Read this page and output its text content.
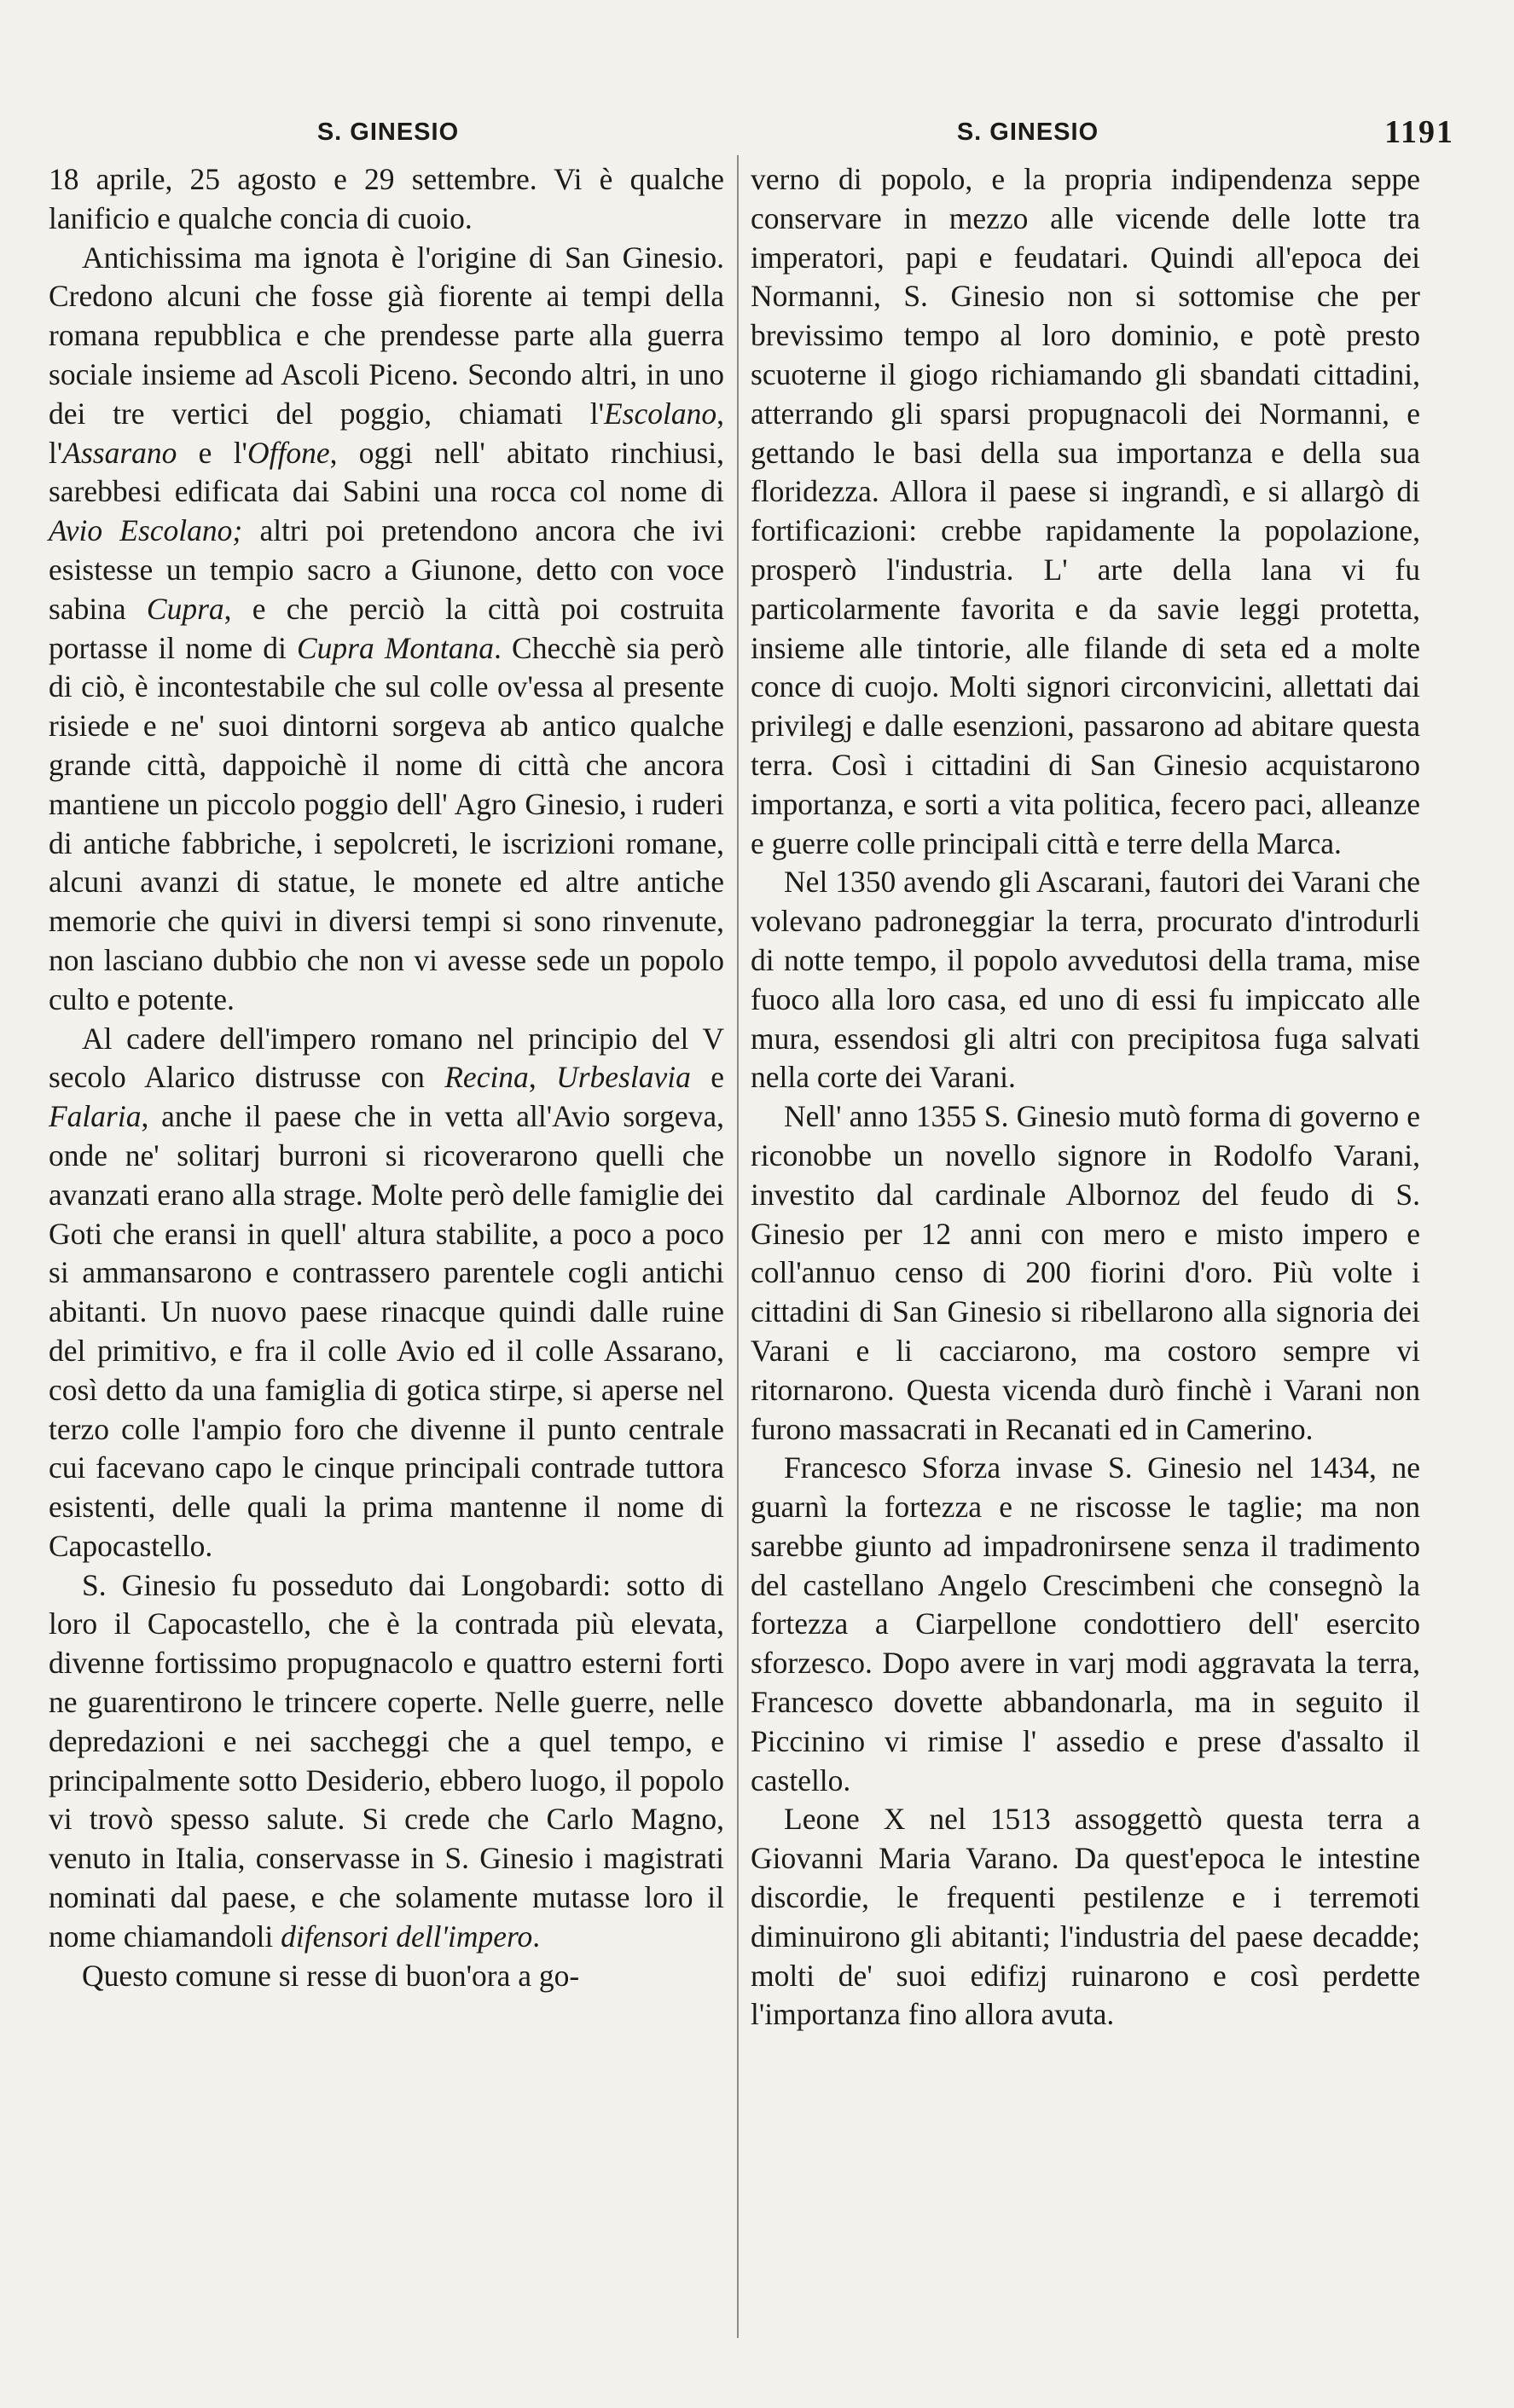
S. GINESIO	S. GINESIO	1191

18 aprile, 25 agosto e 29 settembre. Vi è qualche lanificio e qualche concia di cuoio.

Antichissima ma ignota è l'origine di San Ginesio. Credono alcuni che fosse già fiorente ai tempi della romana repubblica e che prendesse parte alla guerra sociale insieme ad Ascoli Piceno. Secondo altri, in uno dei tre vertici del poggio, chiamati l'Escolano, l'Assarano e l'Offone, oggi nell' abitato rinchiusi, sarebbesi edificata dai Sabini una rocca col nome di Avio Escolano; altri poi pretendono ancora che ivi esistesse un tempio sacro a Giunone, detto con voce sabina Cupra, e che perciò la città poi costruita portasse il nome di Cupra Montana. Checchè sia però di ciò, è incontestabile che sul colle ov'essa al presente risiede e ne' suoi dintorni sorgeva ab antico qualche grande città, dappoichè il nome di città che ancora mantiene un piccolo poggio dell' Agro Ginesio, i ruderi di antiche fabbriche, i sepolcreti, le iscrizioni romane, alcuni avanzi di statue, le monete ed altre antiche memorie che quivi in diversi tempi si sono rinvenute, non lasciano dubbio che non vi avesse sede un popolo culto e potente.

Al cadere dell'impero romano nel principio del V secolo Alarico distrusse con Recina, Urbeslavia e Falaria, anche il paese che in vetta all'Avio sorgeva, onde ne' solitarj burroni si ricoverarono quelli che avanzati erano alla strage. Molte però delle famiglie dei Goti che eransi in quell' altura stabilite, a poco a poco si ammansarono e contrassero parentele cogli antichi abitanti. Un nuovo paese rinacque quindi dalle ruine del primitivo, e fra il colle Avio ed il colle Assarano, così detto da una famiglia di gotica stirpe, si aperse nel terzo colle l'ampio foro che divenne il punto centrale cui facevano capo le cinque principali contrade tuttora esistenti, delle quali la prima mantenne il nome di Capocastello.

S. Ginesio fu posseduto dai Longobardi: sotto di loro il Capocastello, che è la contrada più elevata, divenne fortissimo propugnacolo e quattro esterni forti ne guarentirono le trincere coperte. Nelle guerre, nelle depredazioni e nei saccheggi che a quel tempo, e principalmente sotto Desiderio, ebbero luogo, il popolo vi trovò spesso salute. Si crede che Carlo Magno, venuto in Italia, conservasse in S. Ginesio i magistrati nominati dal paese, e che solamente mutasse loro il nome chiamandoli difensori dell'impero.

Questo comune si resse di buon'ora a go-

verno di popolo, e la propria indipendenza seppe conservare in mezzo alle vicende delle lotte tra imperatori, papi e feudatari. Quindi all'epoca dei Normanni, S. Ginesio non si sottomise che per brevissimo tempo al loro dominio, e potè presto scuoterne il giogo richiamando gli sbandati cittadini, atterrando gli sparsi propugnacoli dei Normanni, e gettando le basi della sua importanza e della sua floridezza. Allora il paese si ingrandì, e si allargò di fortificazioni: crebbe rapidamente la popolazione, prosperò l'industria. L' arte della lana vi fu particolarmente favorita e da savie leggi protetta, insieme alle tintorie, alle filande di seta ed a molte conce di cuojo. Molti signori circonvicini, allettati dai privilegj e dalle esenzioni, passarono ad abitare questa terra. Così i cittadini di San Ginesio acquistarono importanza, e sorti a vita politica, fecero paci, alleanze e guerre colle principali città e terre della Marca.

Nel 1350 avendo gli Ascarani, fautori dei Varani che volevano padroneggiar la terra, procurato d'introdurli di notte tempo, il popolo avvedutosi della trama, mise fuoco alla loro casa, ed uno di essi fu impiccato alle mura, essendosi gli altri con precipitosa fuga salvati nella corte dei Varani.

Nell' anno 1355 S. Ginesio mutò forma di governo e riconobbe un novello signore in Rodolfo Varani, investito dal cardinale Albornoz del feudo di S. Ginesio per 12 anni con mero e misto impero e coll'annuo censo di 200 fiorini d'oro. Più volte i cittadini di San Ginesio si ribellarono alla signoria dei Varani e li cacciarono, ma costoro sempre vi ritornarono. Questa vicenda durò finchè i Varani non furono massacrati in Recanati ed in Camerino.

Francesco Sforza invase S. Ginesio nel 1434, ne guarnì la fortezza e ne riscosse le taglie; ma non sarebbe giunto ad impadronirsene senza il tradimento del castellano Angelo Crescimbeni che consegnò la fortezza a Ciarpellone condottiero dell' esercito sforzesco. Dopo avere in varj modi aggravata la terra, Francesco dovette abbandonarla, ma in seguito il Piccinino vi rimise l' assedio e prese d'assalto il castello.

Leone X nel 1513 assoggettò questa terra a Giovanni Maria Varano. Da quest'epoca le intestine discordie, le frequenti pestilenze e i terremoti diminuirono gli abitanti; l'industria del paese decadde; molti de' suoi edifizj ruinarono e così perdette l'importanza fino allora avuta.
